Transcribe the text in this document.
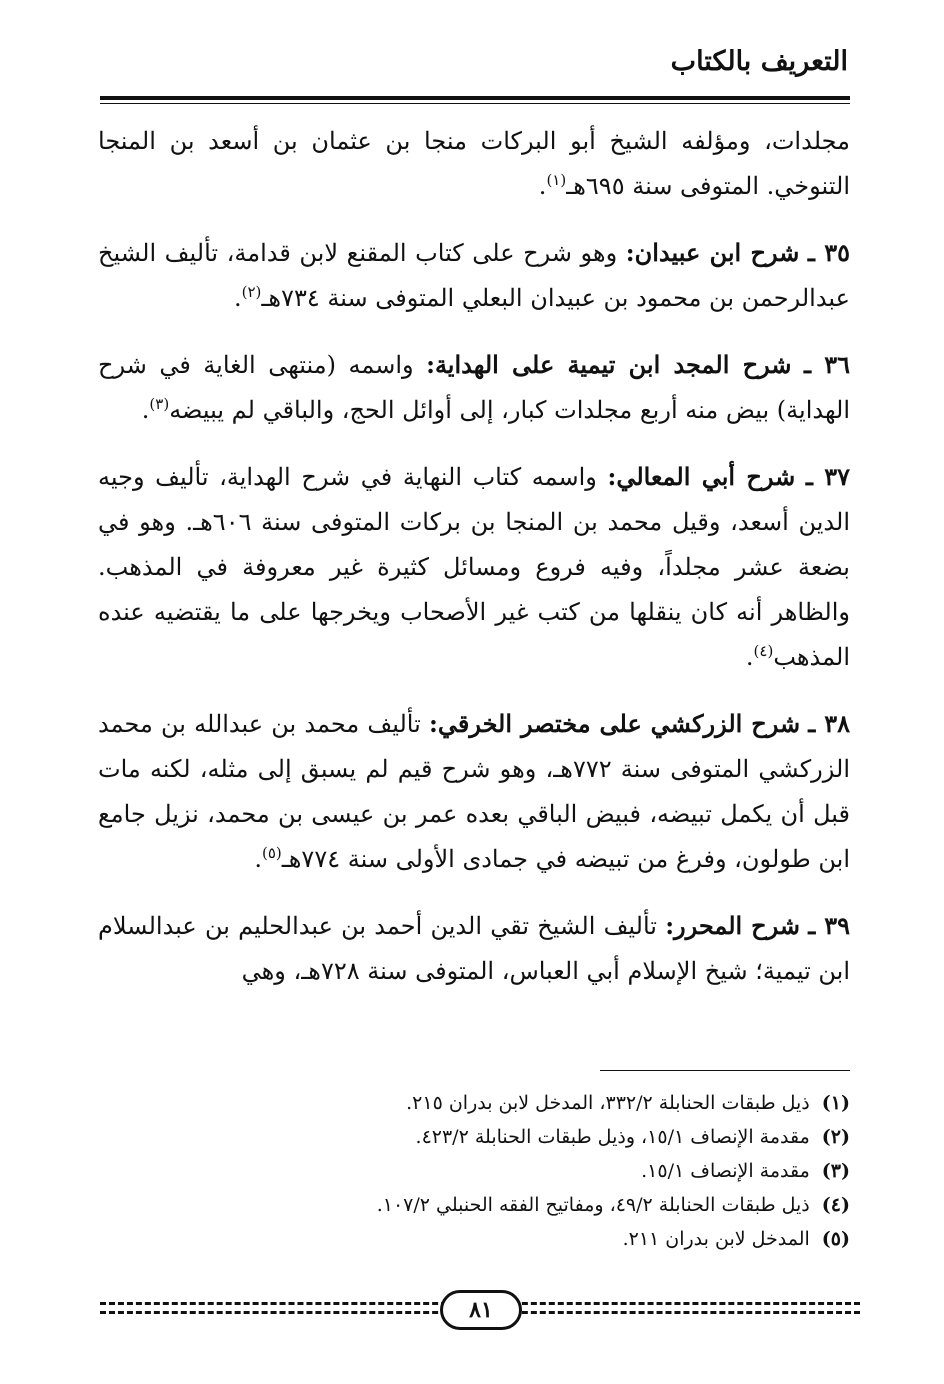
التعريف بالكتاب

مجلدات، ومؤلفه الشيخ أبو البركات منجا بن عثمان بن أسعد بن المنجا التنوخي. المتوفى سنة ٦٩٥هـ$^{(١)}$.

٣٥ ـ شرح ابن عبيدان: وهو شرح على كتاب المقنع لابن قدامة، تأليف الشيخ عبدالرحمن بن محمود بن عبيدان البعلي المتوفى سنة ٧٣٤هـ$^{(٢)}$.

٣٦ ـ شرح المجد ابن تيمية على الهداية: واسمه (منتهى الغاية في شرح الهداية) بيض منه أربع مجلدات كبار، إلى أوائل الحج، والباقي لم يبيضه$^{(٣)}$.

٣٧ ـ شرح أبي المعالي: واسمه كتاب النهاية في شرح الهداية، تأليف وجيه الدين أسعد، وقيل محمد بن المنجا بن بركات المتوفى سنة ٦٠٦هـ. وهو في بضعة عشر مجلداً، وفيه فروع ومسائل كثيرة غير معروفة في المذهب. والظاهر أنه كان ينقلها من كتب غير الأصحاب ويخرجها على ما يقتضيه عنده المذهب$^{(٤)}$.

٣٨ ـ شرح الزركشي على مختصر الخرقي: تأليف محمد بن عبدالله بن محمد الزركشي المتوفى سنة ٧٧٢هـ، وهو شرح قيم لم يسبق إلى مثله، لكنه مات قبل أن يكمل تبيضه، فبيض الباقي بعده عمر بن عيسى بن محمد، نزيل جامع ابن طولون، وفرغ من تبيضه في جمادى الأولى سنة ٧٧٤هـ$^{(٥)}$.

٣٩ ـ شرح المحرر: تأليف الشيخ تقي الدين أحمد بن عبدالحليم بن عبدالسلام ابن تيمية؛ شيخ الإسلام أبي العباس، المتوفى سنة ٧٢٨هـ، وهي

(١)ذيل طبقات الحنابلة ٣٣٢/٢، المدخل لابن بدران ٢١٥.
(٢)مقدمة الإنصاف ١٥/١، وذيل طبقات الحنابلة ٤٢٣/٢.
(٣)مقدمة الإنصاف ١٥/١.
(٤)ذيل طبقات الحنابلة ٤٩/٢، ومفاتيح الفقه الحنبلي ١٠٧/٢.
(٥)المدخل لابن بدران ٢١١.
٨١
